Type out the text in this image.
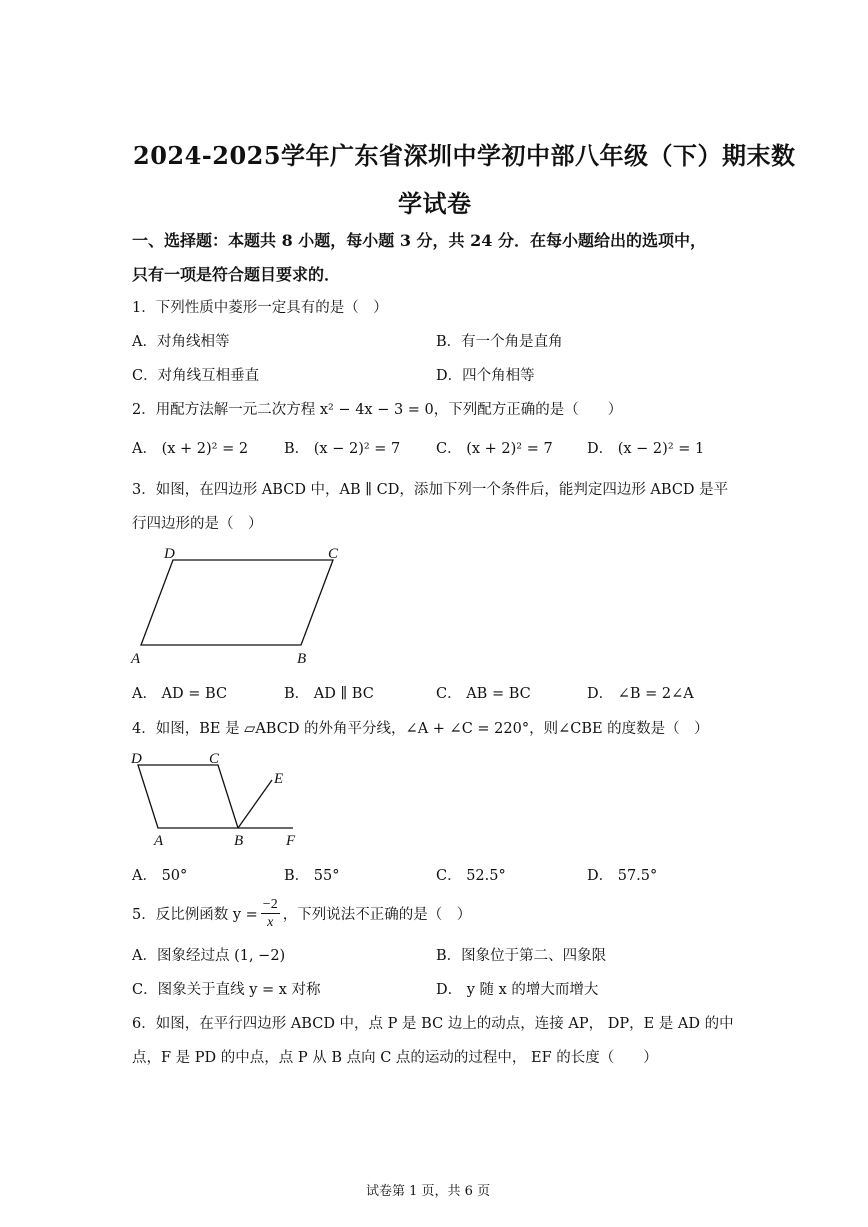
2024-2025学年广东省深圳中学初中部八年级（下）期末数
学试卷
一、选择题：本题共 8 小题，每小题 3 分，共 24 分．在每小题给出的选项中，
只有一项是符合题目要求的．
1．下列性质中菱形一定具有的是（　）
A．对角线相等	B．有一个角是直角
C．对角线互相垂直	D．四个角相等
2．用配方法解一元二次方程 x² − 4x − 3 = 0，下列配方正确的是（　　）
A． (x + 2)² = 2 B． (x − 2)² = 7 C． (x + 2)² = 7 D． (x − 2)² = 1
3．如图，在四边形 ABCD 中，AB ∥ CD，添加下列一个条件后，能判定四边形 ABCD 是平
行四边形的是（　）
D	C
A	B
A． AD = BC	B． AD ∥ BC	C． AB = BC	D． ∠B = 2∠A
4．如图，BE 是 ▱ABCD 的外角平分线，∠A + ∠C = 220°，则∠CBE 的度数是（　）
D	C
E
A	B	F
A． 50°	B． 55°	C． 52.5°	D． 57.5°
5．反比例函数 $y = \frac{-2}{x}$ ，下列说法不正确的是（　）
A．图象经过点 (1, −2)	B．图象位于第二、四象限
C．图象关于直线 y = x 对称	D． y 随 x 的增大而增大
6．如图，在平行四边形 ABCD 中，点 P 是 BC 边上的动点，连接 AP， DP，E 是 AD 的中
点，F 是 PD 的中点，点 P 从 B 点向 C 点的运动的过程中， EF 的长度（　　）
试卷第 1 页，共 6 页
